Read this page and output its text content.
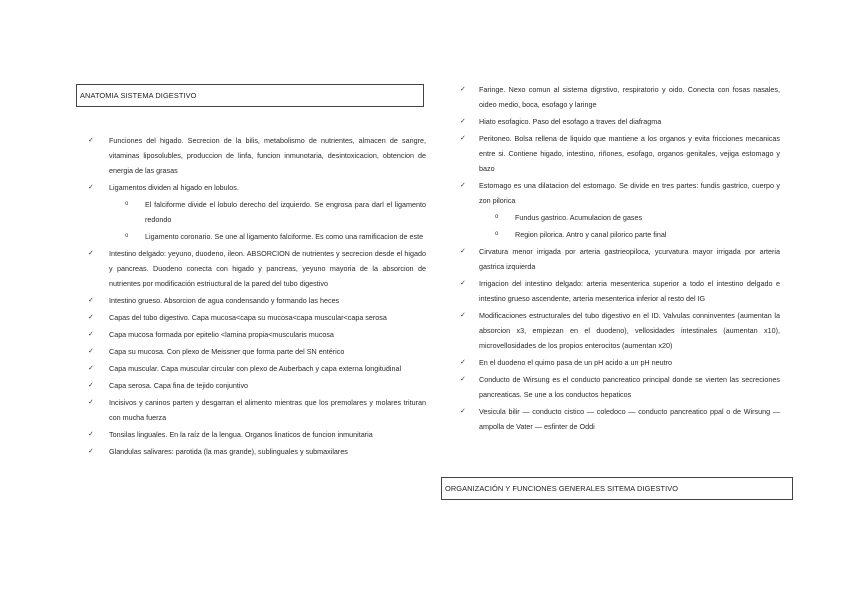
ANATOMIA SISTEMA DIGESTIVO
✓ Funciones del higado. Secrecion de la bilis, metabolismo de nutrientes, almacen de sangre, vitaminas liposolubles, produccion de linfa, funcion inmunotaria, desintoxicacion, obtencion de energia de las grasas
✓ Ligamentos dividen al higado en lobulos.
o El falciforme divide el lobulo derecho del izquierdo. Se engrosa para darl el ligamento redondo
o Ligamento coronario. Se une al ligamento falciforme. Es como una ramificacion de este
✓ Intestino delgado: yeyuno, duodeno, ileon. ABSORCION de nutrientes y secrecion desde el higado y pancreas. Duodeno conecta con higado y pancreas, yeyuno mayoria de la absorcion de nutrientes por modificación estriuctural de la pared del tubo digestivo
✓ Intestino grueso. Absorcion de agua condensando y formando las heces
✓ Capas del tubo digestivo. Capa mucosa<capa su mucosa<capa muscular<capa serosa
✓ Capa mucosa formada por epitelio <lamina propia<muscularis mucosa
✓ Capa su mucosa. Con plexo de Meissner que forma parte del SN entérico
✓ Capa muscular. Capa muscular circular con plexo de Auberbach y capa externa longitudinal
✓ Capa serosa. Capa fina de tejido conjuntivo
✓ Incisivos y caninos parten y desgarran el alimento mientras que los premolares y molares trituran con mucha fuerza
✓ Tonsilas linguales. En la raíz de la lengua. Organos linaticos de funcion inmunitaria
✓ Glandulas salivares: parotida (la mas grande), sublinguales y submaxilares
✓ Faringe. Nexo comun al sistema digrstivo, respiratorio y oido. Conecta con fosas nasales, oideo medio, boca, esofago y laringe
✓ Hiato esofagico. Paso del esofago a traves del diafragma
✓ Peritoneo. Bolsa rellena de liquido que mantiene a los organos y evita fricciones mecanicas entre si. Contiene higado, intestino, riñones, esofago, organos genitales, vejiga estomago y bazo
✓ Estomago es una dilatacion del estomago. Se divide en tres partes: fundis gastrico, cuerpo y zon pilorica
o Fundus gastrico. Acumulacion de gases
o Region pilorica. Antro y canal pilorico parte final
✓ Cirvatura menor irrigada por arteria gastrieopiloca, ycurvatura mayor irrigada por arteria gastrica izquierda
✓ Irrigacion del intestino delgado: arteria mesenterica superior a todo el intestino delgado e intestino grueso ascendente, arteria mesenterica inferior al resto del IG
✓ Modificaciones estructurales del tubo digestivo en el ID. Valvulas conninventes (aumentan la absorcion x3, empiezan en el duodeno), vellosidades intestinales (aumentan x10), microvellosidades de los propios enterocitos (aumentan x20)
✓ En el duodeno el quimo pasa de un pH acido a un pH neutro
✓ Conducto de Wirsung es el conducto pancreatico principal donde se vierten las secreciones pancreaticas. Se une a los conductos hepaticos
✓ Vesicula bilir — conducto cistico — coledoco — conducto pancreatico ppal o de Wirsung — ampolla de Vater — esfinter de Oddi
ORGANIZACIÓN Y FUNCIONES GENERALES SITEMA DIGESTIVO
